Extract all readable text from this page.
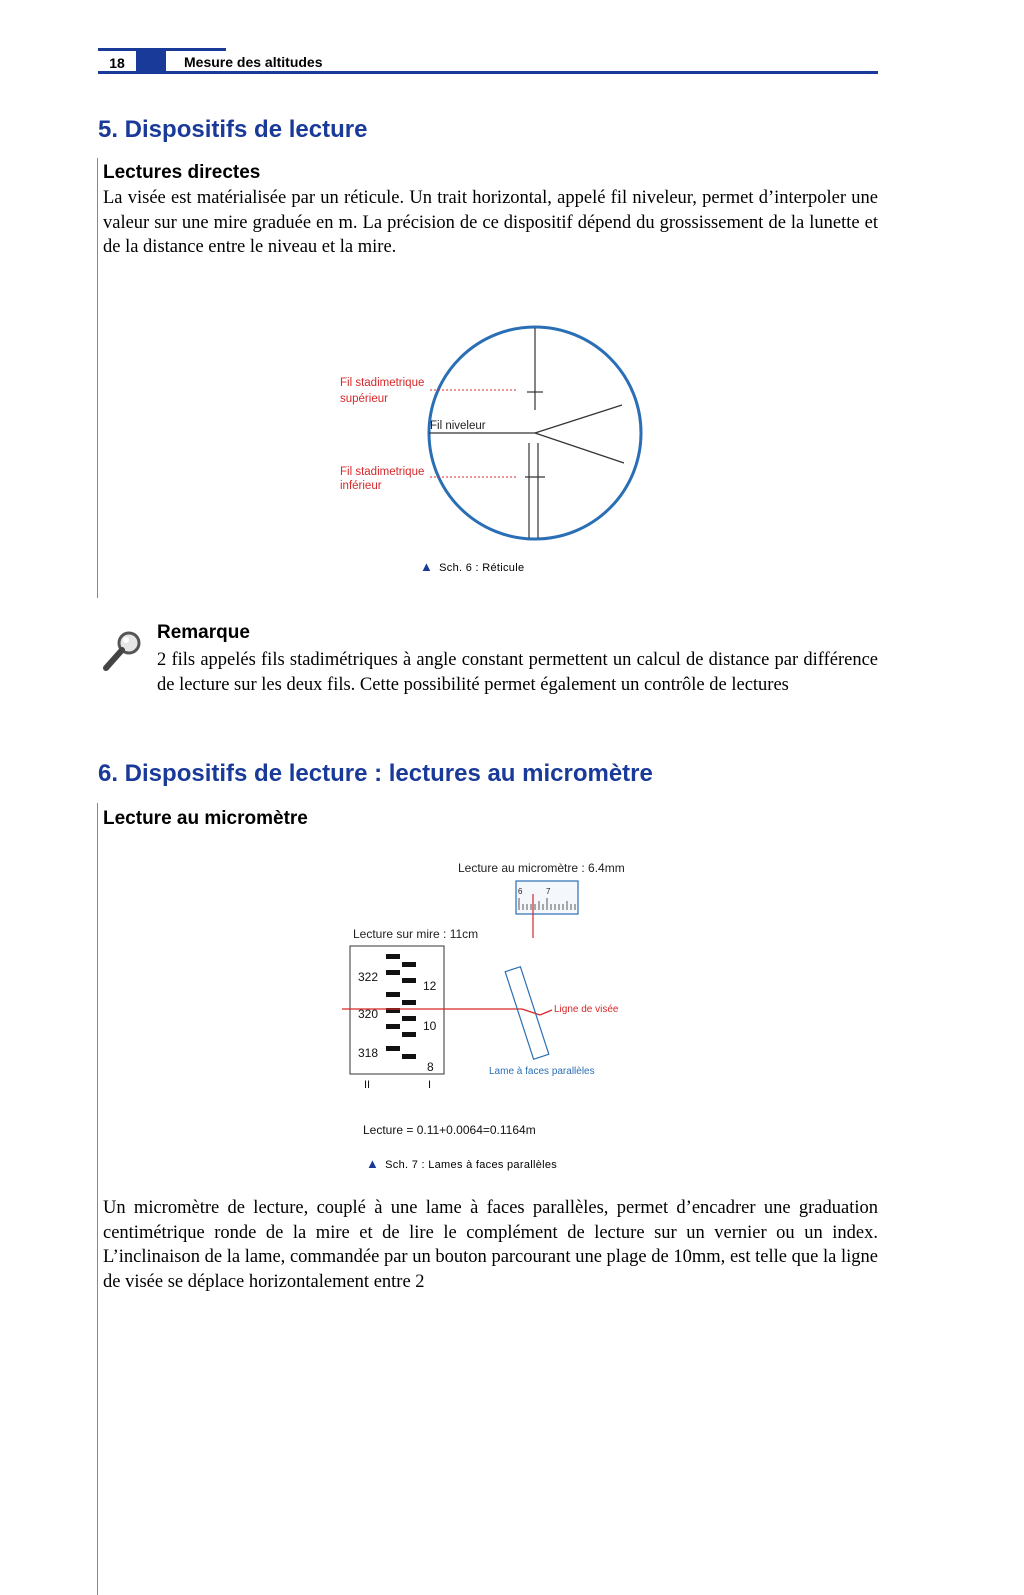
18	Mesure des altitudes
5. Dispositifs de lecture
Lectures directes

La visée est matérialisée par un réticule. Un trait horizontal, appelé fil niveleur, permet d’interpoler une valeur sur une mire graduée en m. La précision de ce dispositif dépend du grossissement de la lunette et de la distance entre le niveau et la mire.

Fil stadimetrique
supérieur
Fil niveleur
Fil stadimetrique
inférieur
▲ Sch. 6 : Réticule
Remarque

2 fils appelés fils stadimétriques à angle constant permettent un calcul de distance par différence de lecture sur les deux fils. Cette possibilité permet également un contrôle de lectures

6. Dispositifs de lecture : lectures au micromètre
Lecture au micromètre
Lecture au micromètre : 6.4mm
6	7
Lecture sur mire : 11cm
322
320
318
12
10
8
II	I
Ligne de visée
Lame à faces parallèles
Lecture = 0.11+0.0064=0.1164m
▲ Sch. 7 : Lames à faces parallèles

Un micromètre de lecture, couplé à une lame à faces parallèles, permet d’encadrer une graduation centimétrique ronde de la mire et de lire le complément de lecture sur un vernier ou un index. L’inclinaison de la lame, commandée par un bouton parcourant une plage de 10mm, est telle que la ligne de visée se déplace horizontalement entre 2
